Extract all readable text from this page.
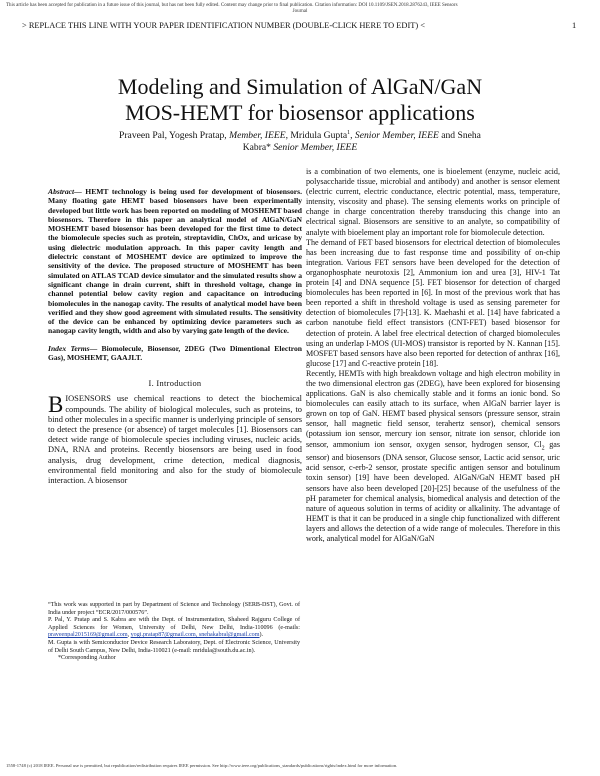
This article has been accepted for publication in a future issue of this journal, but has not been fully edited. Content may change prior to final publication. Citation information: DOI 10.1109/JSEN.2018.2876243, IEEE Sensors
Journal
> REPLACE THIS LINE WITH YOUR PAPER IDENTIFICATION NUMBER (DOUBLE-CLICK HERE TO EDIT) <	1
Modeling and Simulation of AlGaN/GaN
MOS-HEMT for biosensor applications
Praveen Pal, Yogesh Pratap, Member, IEEE, Mridula Gupta$^1$, Senior Member, IEEE and Sneha
Kabra* Senior Member, IEEE

Abstract— HEMT technology is being used for development of biosensors. Many floating gate HEMT based biosensors have been experimentally developed but little work has been reported on modeling of MOSHEMT based biosensors. Therefore in this paper an analytical model of AlGaN/GaN MOSHEMT based biosensor has been developed for the first time to detect the biomolecule species such as protein, streptavidin, ChOx, and uricase by using dielectric modulation approach. In this paper cavity length and dielectric constant of MOSHEMT device are optimized to improve the sensitivity of the device. The proposed structure of MOSHEMT has been simulated on ATLAS TCAD device simulator and the simulated results show a significant change in drain current, shift in threshold voltage, change in channel potential below cavity region and capacitance on introducing biomolecules in the nanogap cavity. The results of analytical model have been verified and they show good agreement with simulated results. The sensitivity of the device can be enhanced by optimizing device parameters such as nanogap cavity length, width and also by varying gate length of the device.

Index Terms— Biomolecule, Biosensor, 2DEG (Two Dimentional Electron Gas), MOSHEMT, GAAJLT.

I. Introduction

BIOSENSORS use chemical reactions to detect the biochemical compounds. The ability of biological molecules, such as proteins, to bind other molecules in a specific manner is underlying principle of sensors to detect the presence (or absence) of target molecules [1]. Biosensors can detect wide range of biomolecule species including viruses, nucleic acids, DNA, RNA and proteins. Recently biosensors are being used in food analysis, drug development, crime detection, medical diagnosis, environmental field monitoring and also for the study of biomolecule interaction. A biosensor

“This work was supported in part by Department of Science and Technology (SERB-DST), Govt. of India under project “ECR/2017/000576”.

P. Pal, Y. Pratap and S. Kabra are with the Dept. of Instrumentation, Shaheed Rajguru College of Applied Sciences for Women, University of Delhi, New Delhi, India-110096 (e-mails: praveenpal2015169@gmail.com, yogi.pratap87@gmail.com, snehakabral@gmail.com).

M. Gupta is with Semiconductor Device Research Laboratory, Dept. of Electronic Science, University of Delhi South Campus, New Delhi, India-110021 (e-mail: mridula@south.du.ac.in).

*Corresponding Author

is a combination of two elements, one is bioelement (enzyme, nucleic acid, polysaccharide tissue, microbial and antibody) and another is sensor element (electric current, electric conductance, electric potential, mass, temperature, intensity, viscosity and phase). The sensing elements works on principle of change in charge concentration thereby transducing this change into an electrical signal. Biosensors are sensitive to an analyte, so compatibility of analyte with bioelement play an important role for biomolecule detection.

The demand of FET based biosensors for electrical detection of biomolecules has been increasing due to fast response time and possibility of on-chip integration. Various FET sensors have been developed for the detection of organophosphate neurotoxis [2], Ammonium ion and urea [3], HIV-1 Tat protein [4] and DNA sequence [5]. FET biosensor for detection of charged biomolecules has been reported in [6]. In most of the previous work that has been reported a shift in threshold voltage is used as sensing paremeter for detection of biomolecules [7]-[13]. K. Maehashi et al. [14] have fabricated a carbon nanotube field effect transistors (CNT-FET) based biosensor for detection of protein. A label free electrical detection of charged biomolecules using an underlap I-MOS (UI-MOS) transistor is reported by N. Kannan [15]. MOSFET based sensors have also been reported for detection of anthrax [16], glucose [17] and C-reactive protein [18].

Recently, HEMTs with high breakdown voltage and high electron mobility in the two dimensional electron gas (2DEG), have been explored for biosensing applications. GaN is also chemically stable and it forms an ionic bond. So biomolecules can easily attach to its surface, when AlGaN barrier layer is grown on top of GaN. HEMT based physical sensors (pressure sensor, strain sensor, hall magnetic field sensor, terahertz sensor), chemical sensors (potassium ion sensor, mercury ion sensor, nitrate ion sensor, chloride ion sensor, ammonium ion sensor, oxygen sensor, hydrogen sensor, $Cl_2$ gas sensor) and biosensors (DNA sensor, Glucose sensor, Lactic acid sensor, uric acid sensor, c-erb-2 sensor, prostate specific antigen sensor and botulinum toxin sensor) [19] have been developed. AlGaN/GaN HEMT based pH sensors have also been developed [20]-[25] because of the usefulness of the pH parameter for chemical analysis, biomedical analysis and detection of the nature of aqueous solution in terms of acidity or alkalinity. The advantage of HEMT is that it can be produced in a single chip functionalized with different layers and allows the detection of a wide range of molecules. Therefore in this work, analytical model for AlGaN/GaN

1558-1748 (c) 2018 IEEE. Personal use is permitted, but republication/redistribution requires IEEE permission. See http://www.ieee.org/publications_standards/publications/rights/index.html for more information.
